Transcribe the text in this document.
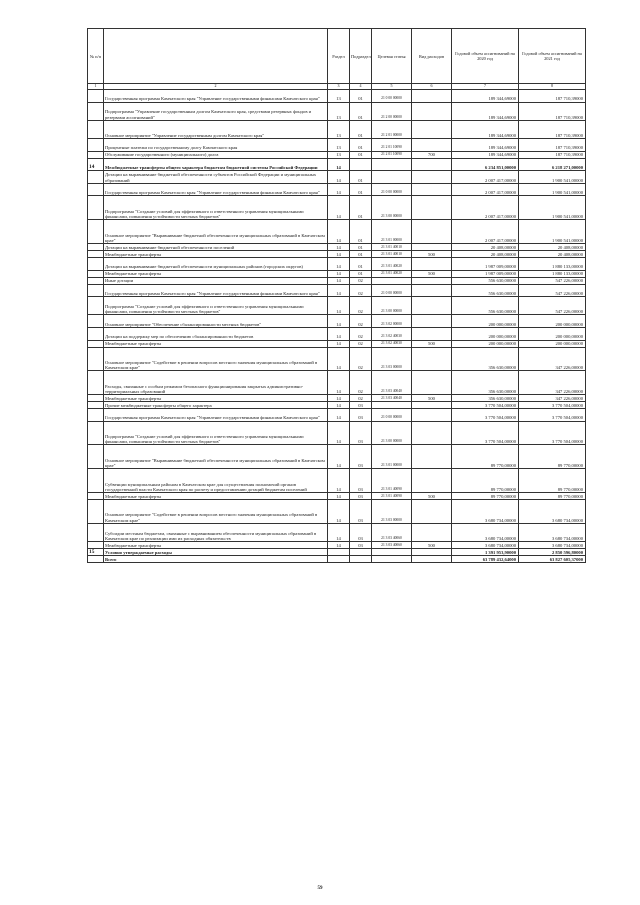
№ п/п		Раздел	Подраздел	Целевая статья	Вид расходов	Годовой объем ассигнований на 2020 год	Годовой объем ассигнований на 2021 год
1	2	3	4	5	6	7	8
	Государственная программа Камчатского края "Управление государственными финансами Камчатского края"	13	01	21 0 00 00000		189 344,69000	187 710,39000
	Подпрограмма "Управление государственным долгом Камчатского края, средствами резервных фондов и резервами ассигнований"	13	01	21 2 00 00000		189 344,69000	187 710,39000
	Основное мероприятие "Управление государственным долгом Камчатского края"	13	01	21 2 01 00000		189 344,69000	187 710,39000
	Процентные платежи по государственному долгу Камчатского края	13	01	21 2 01 10090		189 344,69000	187 710,39000
	Обслуживание государственного (муниципального) долга	13	01	21 2 01 10090	700	189 344,69000	187 710,39000
14	Межбюджетные трансферты общего характера бюджетам бюджетной системы Российской Федерации	14				6 234 851,00000	6 218 271,00000
	Дотации на выравнивание бюджетной обеспеченности субъектов Российской Федерации и муниципальных образований	14	01			2 007 417,00000	1 900 541,00000
	Государственная программа Камчатского края "Управление государственными финансами Камчатского края"	14	01	21 0 00 00000		2 007 417,00000	1 900 541,00000
	Подпрограмма "Создание условий для эффективного и ответственного управления муниципальными финансами, повышения устойчивости местных бюджетов"	14	01	21 3 00 00000		2 007 417,00000	1 900 541,00000
	Основное мероприятие "Выравнивание бюджетной обеспеченности муниципальных образований в Камчатском крае"	14	01	21 3 01 00000		2 007 417,00000	1 900 541,00000
	Дотации на выравнивание бюджетной обеспеченности поселений	14	01	21 3 01 40010		20 408,00000	20 408,00000
	Межбюджетные трансферты	14	01	21 3 01 40010	500	20 408,00000	20 408,00000
	Дотации на выравнивание бюджетной обеспеченности муниципальных районов (городских округов)	14	01	21 3 01 40020		1 987 009,00000	1 880 133,00000
	Межбюджетные трансферты	14	01	21 3 01 40020	500	1 987 009,00000	1 880 133,00000
	Иные дотации	14	02			556 630,00000	547 226,00000
	Государственная программа Камчатского края "Управление государственными финансами Камчатского края"	14	02	21 0 00 00000		556 630,00000	547 226,00000
	Подпрограмма "Создание условий для эффективного и ответственного управления муниципальными финансами, повышения устойчивости местных бюджетов"	14	02	21 3 00 00000		556 630,00000	547 226,00000
	Основное мероприятие "Обеспечение сбалансированности местных бюджетов"	14	02	21 3 02 00000		200 000,00000	200 000,00000
	Дотации на поддержку мер по обеспечению сбалансированности бюджетов	14	02	21 3 02 40030		200 000,00000	200 000,00000
	Межбюджетные трансферты	14	02	21 3 02 40030	500	200 000,00000	200 000,00000
	Основное мероприятие "Содействие в решении вопросов местного значения муниципальных образований в Камчатском крае"	14	02	21 3 03 00000		356 630,00000	347 226,00000
	Расходы, связанные с особым режимом безопасного функционирования закрытых административно-территориальных образований	14	02	21 3 03 40040		356 630,00000	347 226,00000
	Межбюджетные трансферты	14	02	21 3 03 40040	500	356 630,00000	347 226,00000
	Прочие межбюджетные трансферты общего характера	14	03			3 770 504,00000	3 770 504,00000
	Государственная программа Камчатского края "Управление государственными финансами Камчатского края"	14	03	21 0 00 00000		3 770 504,00000	3 770 504,00000
	Подпрограмма "Создание условий для эффективного и ответственного управления муниципальными финансами, повышения устойчивости местных бюджетов"	14	03	21 3 00 00000		3 770 504,00000	3 770 504,00000
	Основное мероприятие "Выравнивание бюджетной обеспеченности муниципальных образований в Камчатском крае"	14	03	21 3 01 00000		89 770,00000	89 770,00000
	Субвенции муниципальным районам в Камчатском крае для осуществления полномочий органов государственной власти Камчатского края по расчету и предоставлению дотаций бюджетам поселений	14	03	21 3 01 40090		89 770,00000	89 770,00000
	Межбюджетные трансферты	14	03	21 3 01 40090	500	89 770,00000	89 770,00000
	Основное мероприятие "Содействие в решении вопросов местного значения муниципальных образований в Камчатском крае"	14	03	21 3 03 00000		3 680 734,00000	3 680 734,00000
	Субсидии местным бюджетам, связанные с выравниванием обеспеченности муниципальных образований в Камчатском крае по реализации ими их расходных обязательств	14	03	21 3 03 40060		3 680 734,00000	3 680 734,00000
	Межбюджетные трансферты	14	03	21 3 03 40060	500	3 680 734,00000	3 680 734,00000
15	Условно утверждаемые расходы					1 391 953,90000	2 850 596,80000
	Всего					63 789 432,64000	63 827 605,37000
59
